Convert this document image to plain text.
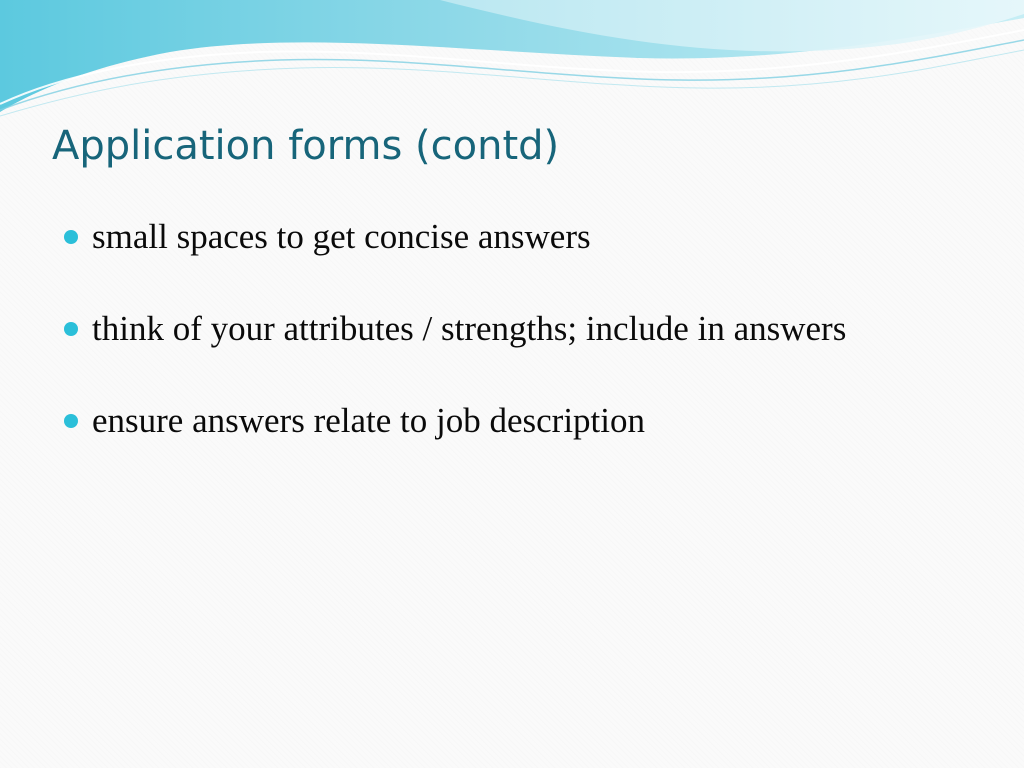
Application forms (contd)
small spaces to get concise answers
think of your attributes / strengths; include in answers
ensure answers relate to job description
